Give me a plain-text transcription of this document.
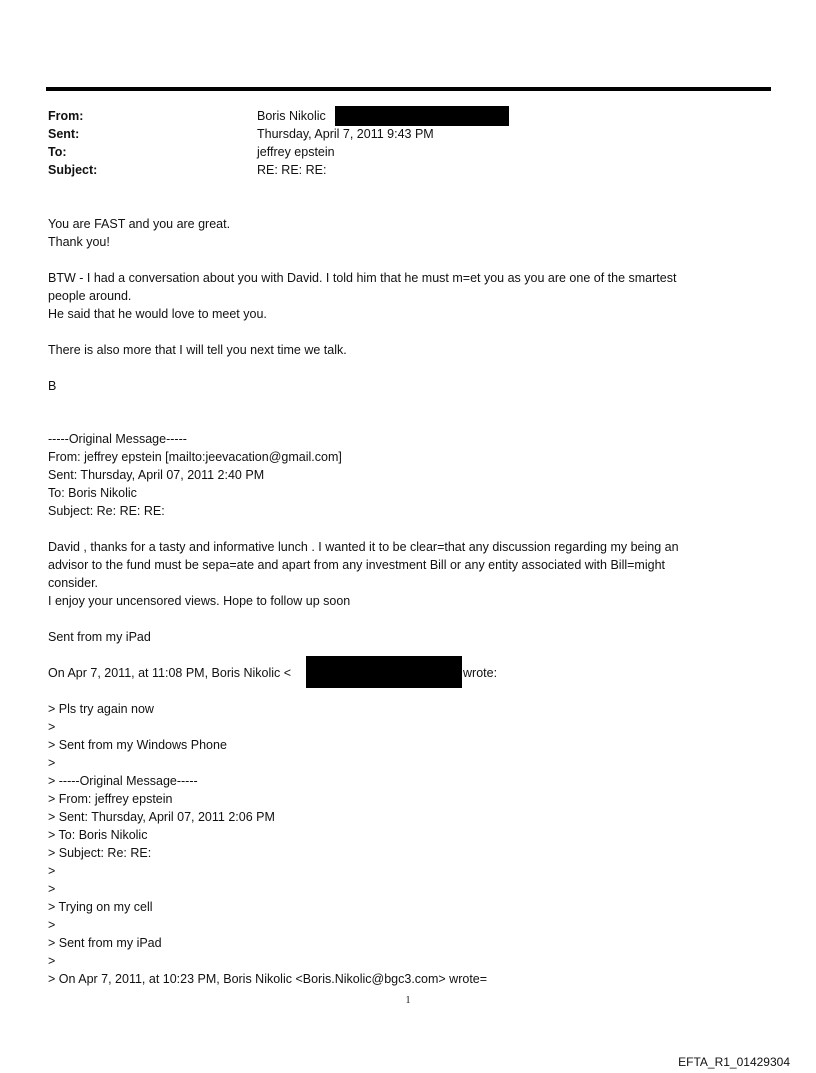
From:	Boris Nikolic
Sent:	Thursday, April 7, 2011 9:43 PM
To:	jeffrey epstein
Subject:	RE: RE: RE:
You are FAST and you are great.
Thank you!
BTW - I had a conversation about you with David. I told him that he must m=et you as you are one of the smartest
people around.
He said that he would love to meet you.
There is also more that I will tell you next time we talk.
B
-----Original Message-----
From: jeffrey epstein [mailto:jeevacation@gmail.com]
Sent: Thursday, April 07, 2011 2:40 PM
To: Boris Nikolic
Subject: Re: RE: RE:
David , thanks for a tasty and informative lunch . I wanted it to be clear=that any discussion regarding my being an
advisor to the fund must be sepa=ate and apart from any investment Bill or any entity associated with Bill=might
consider.
I enjoy your uncensored views. Hope to follow up soon
Sent from my iPad
On Apr 7, 2011, at 11:08 PM, Boris Nikolic <	wrote:
> Pls try again now
>
> Sent from my Windows Phone
>
> -----Original Message-----
> From: jeffrey epstein
> Sent: Thursday, April 07, 2011 2:06 PM
> To: Boris Nikolic
> Subject: Re: RE:
>
>
> Trying on my cell
>
> Sent from my iPad
>
> On Apr 7, 2011, at 10:23 PM, Boris Nikolic <Boris.Nikolic@bgc3.com> wrote=
1
EFTA_R1_01429304
